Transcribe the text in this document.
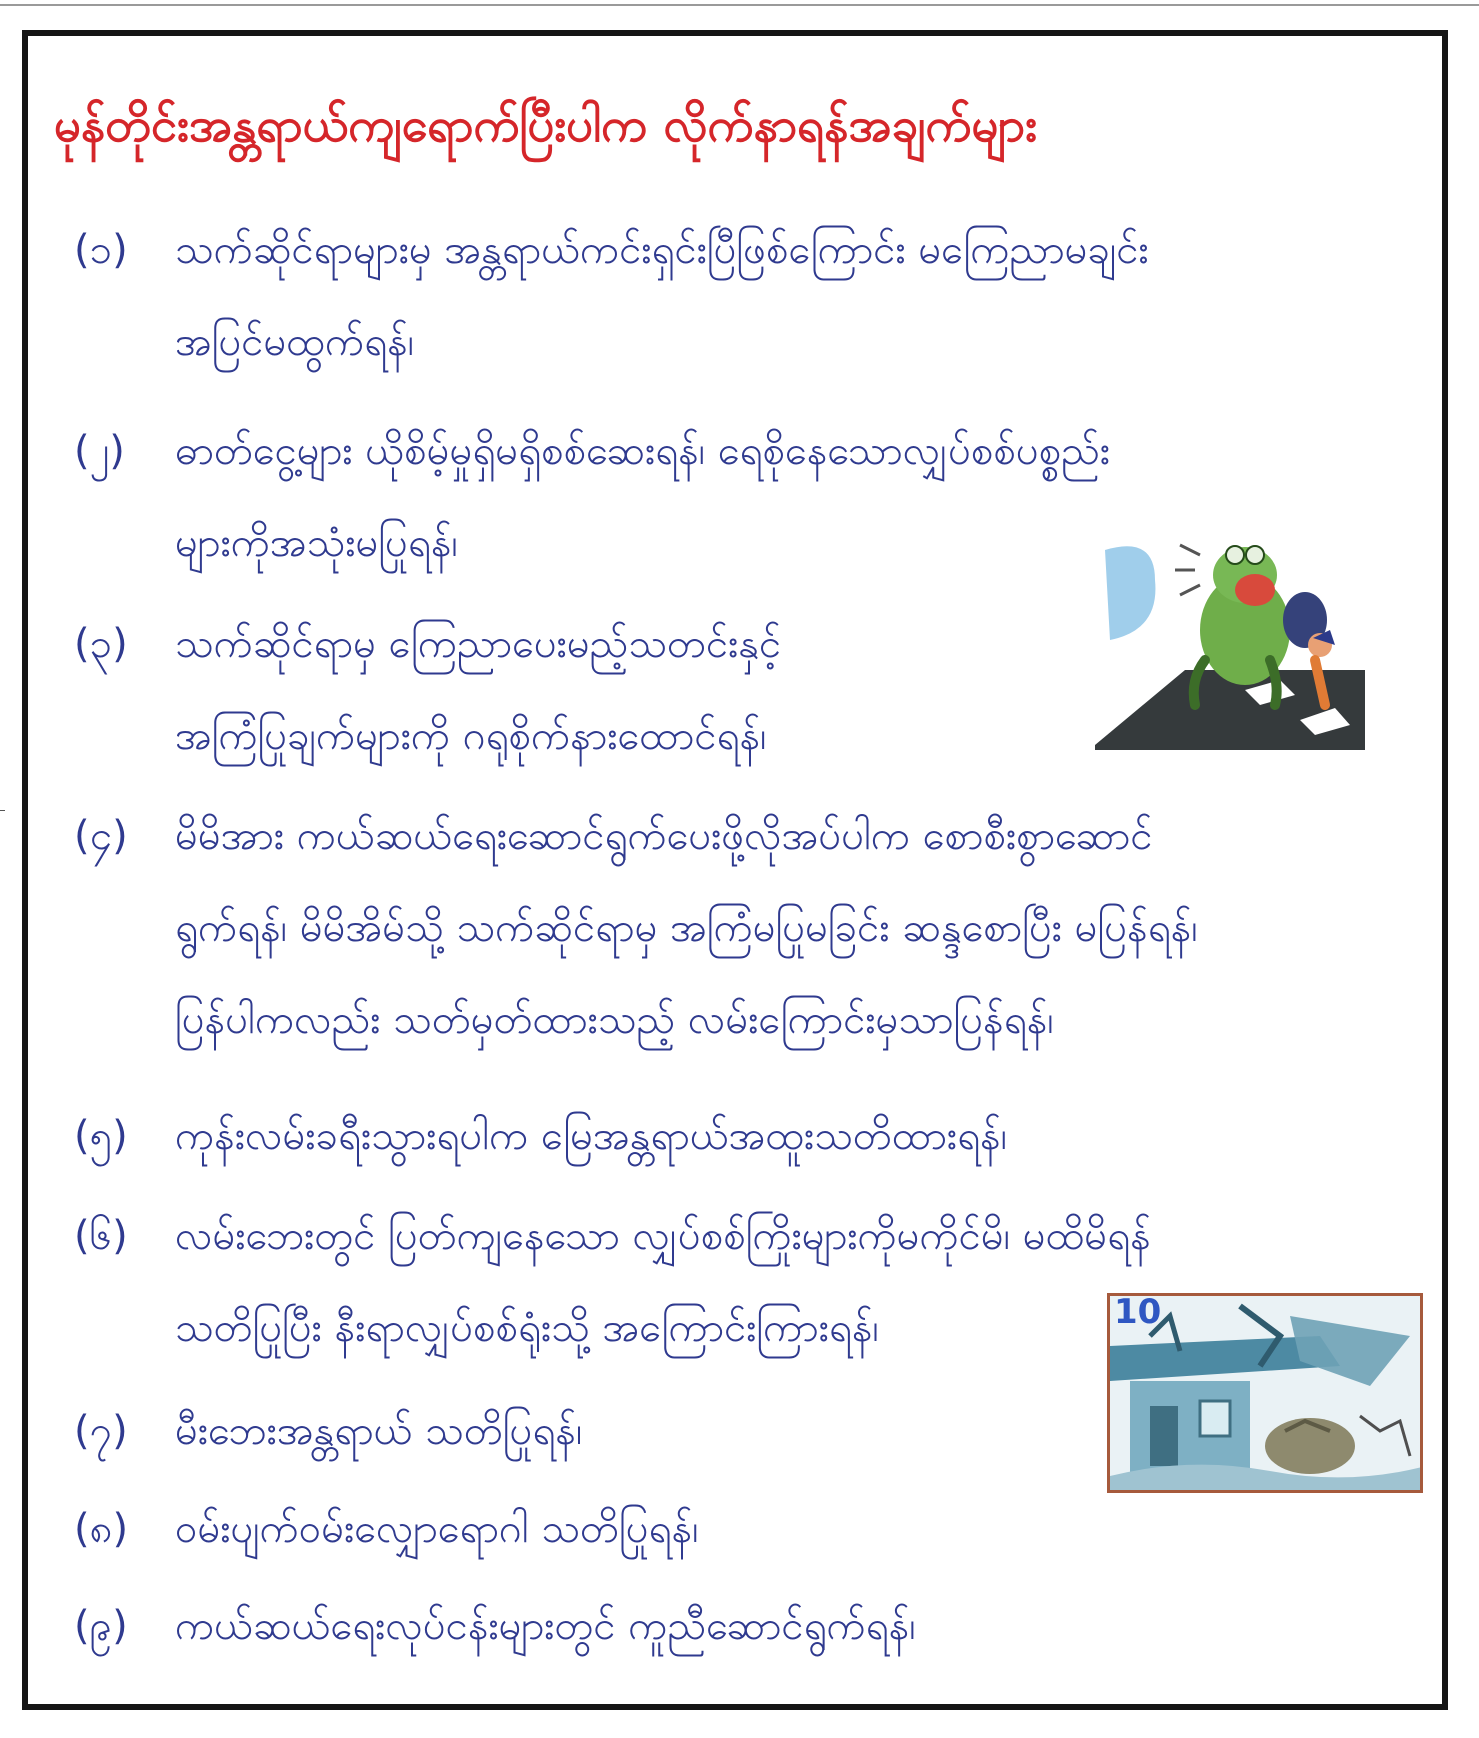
မုန်တိုင်းအန္တရာယ်ကျရောက်ပြီးပါက လိုက်နာရန်အချက်များ
(၁)	သက်ဆိုင်ရာများမှ အန္တရာယ်ကင်းရှင်းပြီဖြစ်ကြောင်း မကြေညာမချင်း
အပြင်မထွက်ရန်၊
(၂)	ဓာတ်ငွေ့များ ယိုစိမ့်မှုရှိမရှိစစ်ဆေးရန်၊ ရေစိုနေသောလျှပ်စစ်ပစ္စည်း
များကိုအသုံးမပြုရန်၊
(၃)	သက်ဆိုင်ရာမှ ကြေညာပေးမည့်သတင်းနှင့်
အကြံပြုချက်များကို ဂရုစိုက်နားထောင်ရန်၊
(၄)	မိမိအား ကယ်ဆယ်ရေးဆောင်ရွက်ပေးဖို့လိုအပ်ပါက စောစီးစွာဆောင်
ရွက်ရန်၊ မိမိအိမ်သို့ သက်ဆိုင်ရာမှ အကြံမပြုမခြင်း ဆန္ဒစောပြီး မပြန်ရန်၊
ပြန်ပါကလည်း သတ်မှတ်ထားသည့် လမ်းကြောင်းမှသာပြန်ရန်၊
(၅)	ကုန်းလမ်းခရီးသွားရပါက မြေအန္တရာယ်အထူးသတိထားရန်၊
(၆)	လမ်းဘေးတွင် ပြတ်ကျနေသော လျှပ်စစ်ကြိုးများကိုမကိုင်မိ၊ မထိမိရန်
သတိပြုပြီး နီးရာလျှပ်စစ်ရုံးသို့ အကြောင်းကြားရန်၊
(၇)	မီးဘေးအန္တရာယ် သတိပြုရန်၊
(၈)	ဝမ်းပျက်ဝမ်းလျှောရောဂါ သတိပြုရန်၊
(၉)	ကယ်ဆယ်ရေးလုပ်ငန်းများတွင် ကူညီဆောင်ရွက်ရန်၊
10
